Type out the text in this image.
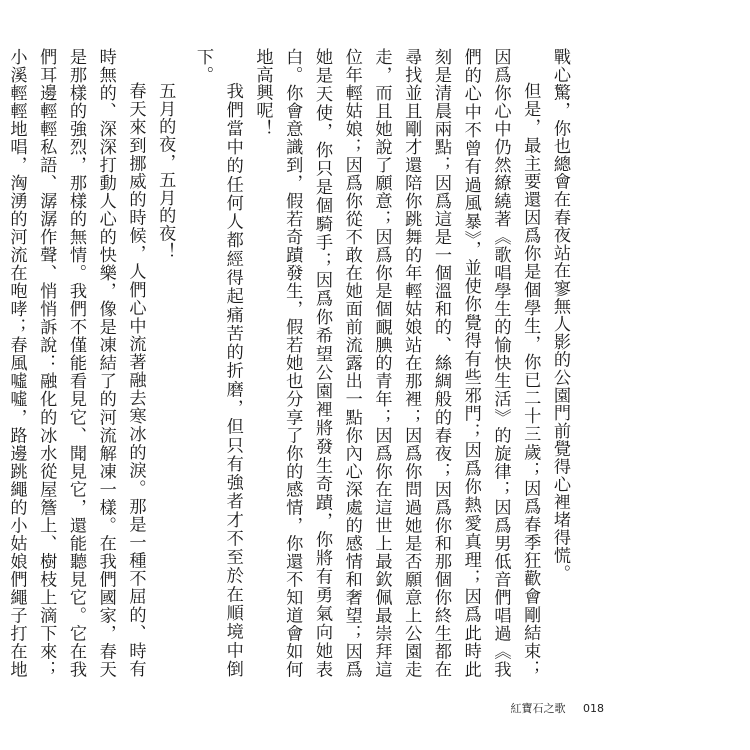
戰心驚，你也總會在春夜站在寥無人影的公園門前覺得心裡堵得慌。

但是，最主要還因爲你是個學生，你已二十三歲；因爲春季狂歡會剛結束；因爲你心中仍然繚繞著《歌唱學生的愉快生活》的旋律；因爲男低音們唱過《我們的心中不曾有過風暴》，並使你覺得有些邪門；因爲你熱愛真理；因爲此時此刻是清晨兩點；因爲這是一個溫和的、絲綢般的春夜；因爲你和那個你終生都在尋找並且剛才還陪你跳舞的年輕姑娘站在那裡；因爲你問過她是否願意上公園走走，而且她說了願意；因爲你是個靦腆的青年；因爲你在這世上最欽佩最崇拜這位年輕姑娘；因爲你從不敢在她面前流露出一點你內心深處的感情和奢望；因爲她是天使，你只是個騎手；因爲你希望公園裡將發生奇蹟，你將有勇氣向她表白。你會意識到，假若奇蹟發生，假若她也分享了你的感情，你還不知道會如何地高興呢！

我們當中的任何人都經得起痛苦的折磨，但只有強者才不至於在順境中倒下。

五月的夜，五月的夜！

春天來到挪威的時候，人們心中流著融去寒冰的淚。那是一種不屈的、時有時無的、深深打動人心的快樂，像是凍結了的河流解凍一樣。在我們國家，春天是那樣的強烈，那樣的無情。我們不僅能看見它、聞見它，還能聽見它。它在我們耳邊輕輕私語、潺潺作聲、悄悄訴說：融化的冰水從屋簷上、樹枝上滴下來；小溪輕輕地唱，洶湧的河流在咆哮；春風噓噓，路邊跳繩的小姑娘們繩子打在地

紅寶石之歌 018
